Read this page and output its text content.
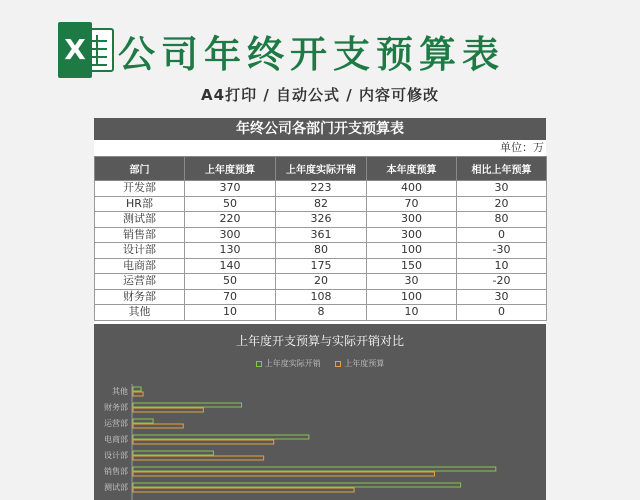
X 公司年终开支预算表
A4打印 / 自动公式 / 内容可修改
年终公司各部门开支预算表
单位：万
部门	上年度预算	上年度实际开销	本年度预算	相比上年预算
开发部	370	223	400	30
HR部	50	82	70	20
测试部	220	326	300	80
销售部	300	361	300	0
设计部	130	80	100	-30
电商部	140	175	150	10
运营部	50	20	30	-20
财务部	70	108	100	30
其他	10	8	10	0
上年度开支预算与实际开销对比
上年度实际开销	上年度预算
其他
财务部
运营部
电商部
设计部
销售部
测试部
